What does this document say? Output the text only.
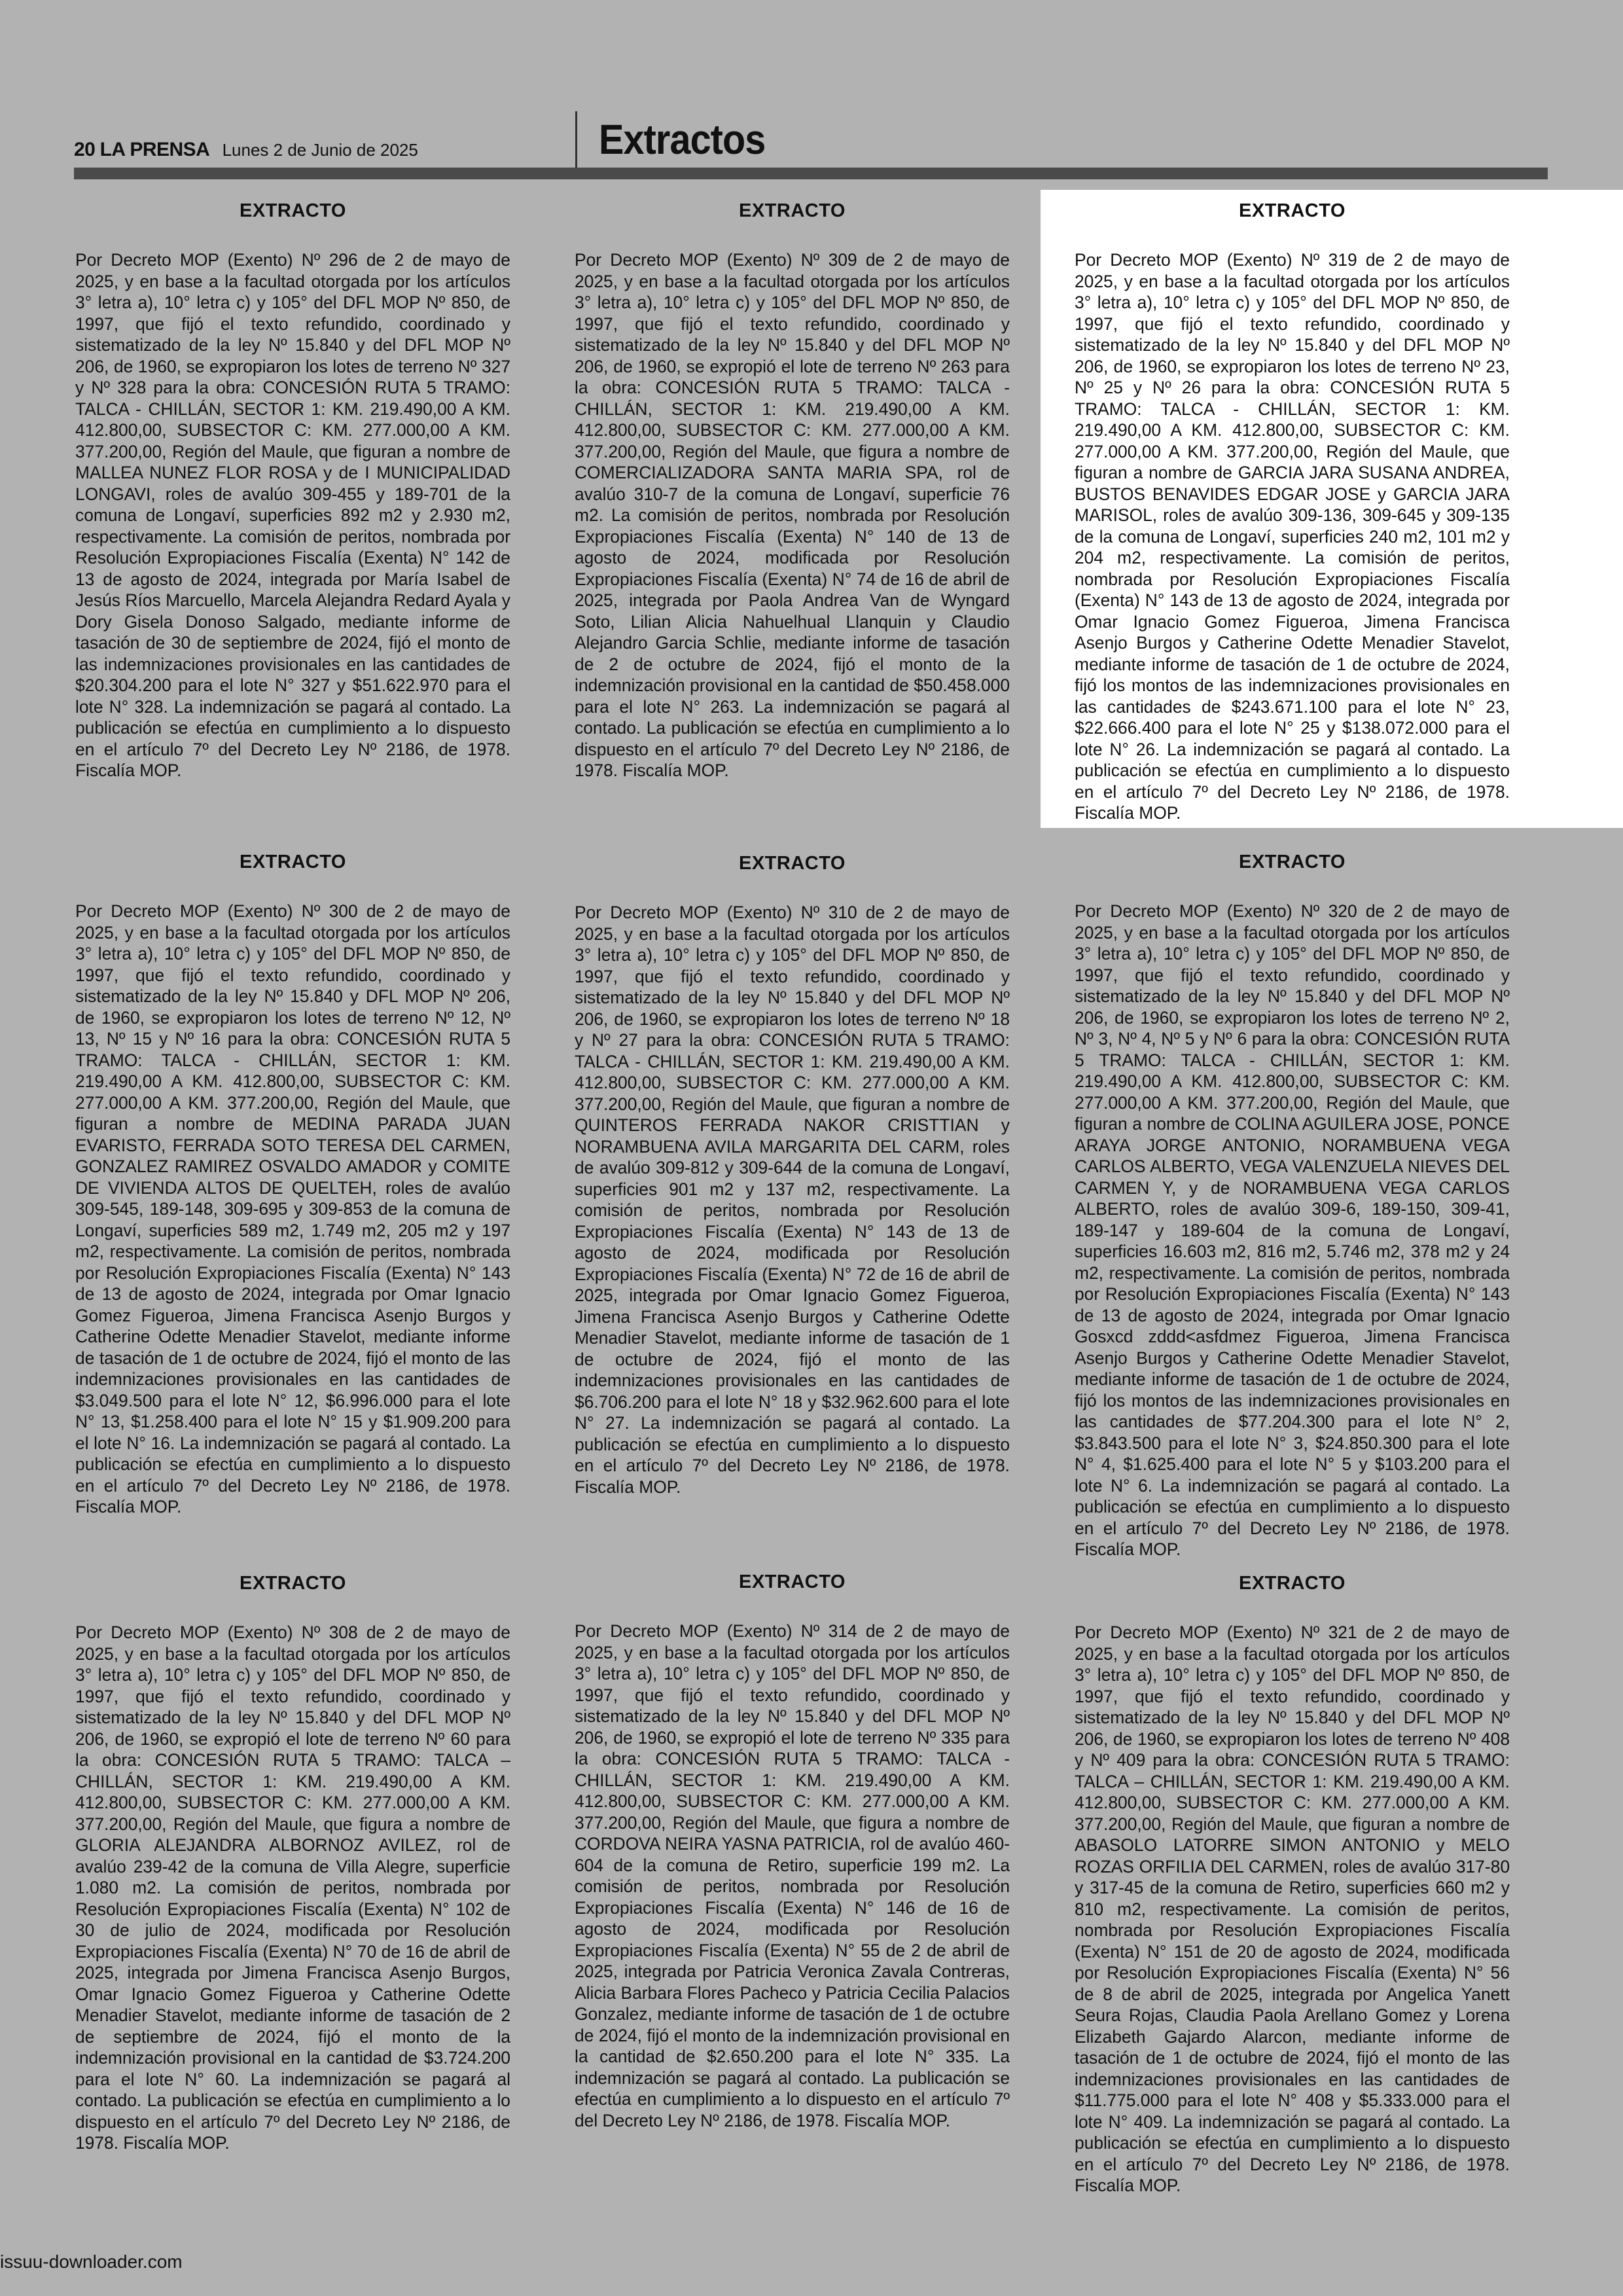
20 LA PRENSA Lunes 2 de Junio de 2025	Extractos
EXTRACTO
Por Decreto MOP (Exento) Nº 296 de 2 de mayo de 2025, y en base a la facultad otorgada por los artículos 3° letra a), 10° letra c) y 105° del DFL MOP Nº 850, de 1997, que fijó el texto refundido, coordinado y sistematizado de la ley Nº 15.840 y del DFL MOP Nº 206, de 1960, se expropiaron los lotes de terreno Nº 327 y Nº 328 para la obra: CONCESIÓN RUTA 5 TRAMO: TALCA - CHILLÁN, SECTOR 1: KM. 219.490,00 A KM. 412.800,00, SUBSECTOR C: KM. 277.000,00 A KM. 377.200,00, Región del Maule, que figuran a nombre de MALLEA NUNEZ FLOR ROSA y de I MUNICIPALIDAD LONGAVI, roles de avalúo 309-455 y 189-701 de la comuna de Longaví, superficies 892 m2 y 2.930 m2, respectivamente. La comisión de peritos, nombrada por Resolución Expropiaciones Fiscalía (Exenta) N° 142 de 13 de agosto de 2024, integrada por María Isabel de Jesús Ríos Marcuello, Marcela Alejandra Redard Ayala y Dory Gisela Donoso Salgado, mediante informe de tasación de 30 de septiembre de 2024, fijó el monto de las indemnizaciones provisionales en las cantidades de $20.304.200 para el lote N° 327 y $51.622.970 para el lote N° 328. La indemnización se pagará al contado. La publicación se efectúa en cumplimiento a lo dispuesto en el artículo 7º del Decreto Ley Nº 2186, de 1978. Fiscalía MOP.
EXTRACTO
Por Decreto MOP (Exento) Nº 309 de 2 de mayo de 2025, y en base a la facultad otorgada por los artículos 3° letra a), 10° letra c) y 105° del DFL MOP Nº 850, de 1997, que fijó el texto refundido, coordinado y sistematizado de la ley Nº 15.840 y del DFL MOP Nº 206, de 1960, se expropió el lote de terreno Nº 263 para la obra: CONCESIÓN RUTA 5 TRAMO: TALCA - CHILLÁN, SECTOR 1: KM. 219.490,00 A KM. 412.800,00, SUBSECTOR C: KM. 277.000,00 A KM. 377.200,00, Región del Maule, que figura a nombre de COMERCIALIZADORA SANTA MARIA SPA, rol de avalúo 310-7 de la comuna de Longaví, superficie 76 m2. La comisión de peritos, nombrada por Resolución Expropiaciones Fiscalía (Exenta) N° 140 de 13 de agosto de 2024, modificada por Resolución Expropiaciones Fiscalía (Exenta) N° 74 de 16 de abril de 2025, integrada por Paola Andrea Van de Wyngard Soto, Lilian Alicia Nahuelhual Llanquin y Claudio Alejandro Garcia Schlie, mediante informe de tasación de 2 de octubre de 2024, fijó el monto de la indemnización provisional en la cantidad de $50.458.000 para el lote N° 263. La indemnización se pagará al contado. La publicación se efectúa en cumplimiento a lo dispuesto en el artículo 7º del Decreto Ley Nº 2186, de 1978. Fiscalía MOP.
EXTRACTO
Por Decreto MOP (Exento) Nº 319 de 2 de mayo de 2025, y en base a la facultad otorgada por los artículos 3° letra a), 10° letra c) y 105° del DFL MOP Nº 850, de 1997, que fijó el texto refundido, coordinado y sistematizado de la ley Nº 15.840 y del DFL MOP Nº 206, de 1960, se expropiaron los lotes de terreno Nº 23, Nº 25 y Nº 26 para la obra: CONCESIÓN RUTA 5 TRAMO: TALCA - CHILLÁN, SECTOR 1: KM. 219.490,00 A KM. 412.800,00, SUBSECTOR C: KM. 277.000,00 A KM. 377.200,00, Región del Maule, que figuran a nombre de GARCIA JARA SUSANA ANDREA, BUSTOS BENAVIDES EDGAR JOSE y GARCIA JARA MARISOL, roles de avalúo 309-136, 309-645 y 309-135 de la comuna de Longaví, superficies 240 m2, 101 m2 y 204 m2, respectivamente. La comisión de peritos, nombrada por Resolución Expropiaciones Fiscalía (Exenta) N° 143 de 13 de agosto de 2024, integrada por Omar Ignacio Gomez Figueroa, Jimena Francisca Asenjo Burgos y Catherine Odette Menadier Stavelot, mediante informe de tasación de 1 de octubre de 2024, fijó los montos de las indemnizaciones provisionales en las cantidades de $243.671.100 para el lote N° 23, $22.666.400 para el lote N° 25 y $138.072.000 para el lote N° 26. La indemnización se pagará al contado. La publicación se efectúa en cumplimiento a lo dispuesto en el artículo 7º del Decreto Ley Nº 2186, de 1978. Fiscalía MOP.
EXTRACTO
Por Decreto MOP (Exento) Nº 300 de 2 de mayo de 2025, y en base a la facultad otorgada por los artículos 3° letra a), 10° letra c) y 105° del DFL MOP Nº 850, de 1997, que fijó el texto refundido, coordinado y sistematizado de la ley Nº 15.840 y DFL MOP Nº 206, de 1960, se expropiaron los lotes de terreno Nº 12, Nº 13, Nº 15 y Nº 16 para la obra: CONCESIÓN RUTA 5 TRAMO: TALCA - CHILLÁN, SECTOR 1: KM. 219.490,00 A KM. 412.800,00, SUBSECTOR C: KM. 277.000,00 A KM. 377.200,00, Región del Maule, que figuran a nombre de MEDINA PARADA JUAN EVARISTO, FERRADA SOTO TERESA DEL CARMEN, GONZALEZ RAMIREZ OSVALDO AMADOR y COMITE DE VIVIENDA ALTOS DE QUELTEH, roles de avalúo 309-545, 189-148, 309-695 y 309-853 de la comuna de Longaví, superficies 589 m2, 1.749 m2, 205 m2 y 197 m2, respectivamente. La comisión de peritos, nombrada por Resolución Expropiaciones Fiscalía (Exenta) N° 143 de 13 de agosto de 2024, integrada por Omar Ignacio Gomez Figueroa, Jimena Francisca Asenjo Burgos y Catherine Odette Menadier Stavelot, mediante informe de tasación de 1 de octubre de 2024, fijó el monto de las indemnizaciones provisionales en las cantidades de $3.049.500 para el lote N° 12, $6.996.000 para el lote N° 13, $1.258.400 para el lote N° 15 y $1.909.200 para el lote N° 16. La indemnización se pagará al contado. La publicación se efectúa en cumplimiento a lo dispuesto en el artículo 7º del Decreto Ley Nº 2186, de 1978. Fiscalía MOP.
EXTRACTO
Por Decreto MOP (Exento) Nº 310 de 2 de mayo de 2025, y en base a la facultad otorgada por los artículos 3° letra a), 10° letra c) y 105° del DFL MOP Nº 850, de 1997, que fijó el texto refundido, coordinado y sistematizado de la ley Nº 15.840 y del DFL MOP Nº 206, de 1960, se expropiaron los lotes de terreno Nº 18 y Nº 27 para la obra: CONCESIÓN RUTA 5 TRAMO: TALCA - CHILLÁN, SECTOR 1: KM. 219.490,00 A KM. 412.800,00, SUBSECTOR C: KM. 277.000,00 A KM. 377.200,00, Región del Maule, que figuran a nombre de QUINTEROS FERRADA NAKOR CRISTTIAN y NORAMBUENA AVILA MARGARITA DEL CARM, roles de avalúo 309-812 y 309-644 de la comuna de Longaví, superficies 901 m2 y 137 m2, respectivamente. La comisión de peritos, nombrada por Resolución Expropiaciones Fiscalía (Exenta) N° 143 de 13 de agosto de 2024, modificada por Resolución Expropiaciones Fiscalía (Exenta) N° 72 de 16 de abril de 2025, integrada por Omar Ignacio Gomez Figueroa, Jimena Francisca Asenjo Burgos y Catherine Odette Menadier Stavelot, mediante informe de tasación de 1 de octubre de 2024, fijó el monto de las indemnizaciones provisionales en las cantidades de $6.706.200 para el lote N° 18 y $32.962.600 para el lote N° 27. La indemnización se pagará al contado. La publicación se efectúa en cumplimiento a lo dispuesto en el artículo 7º del Decreto Ley Nº 2186, de 1978. Fiscalía MOP.
EXTRACTO
Por Decreto MOP (Exento) Nº 320 de 2 de mayo de 2025, y en base a la facultad otorgada por los artículos 3° letra a), 10° letra c) y 105° del DFL MOP Nº 850, de 1997, que fijó el texto refundido, coordinado y sistematizado de la ley Nº 15.840 y del DFL MOP Nº 206, de 1960, se expropiaron los lotes de terreno Nº 2, Nº 3, Nº 4, Nº 5 y Nº 6 para la obra: CONCESIÓN RUTA 5 TRAMO: TALCA - CHILLÁN, SECTOR 1: KM. 219.490,00 A KM. 412.800,00, SUBSECTOR C: KM. 277.000,00 A KM. 377.200,00, Región del Maule, que figuran a nombre de COLINA AGUILERA JOSE, PONCE ARAYA JORGE ANTONIO, NORAMBUENA VEGA CARLOS ALBERTO, VEGA VALENZUELA NIEVES DEL CARMEN Y, y de NORAMBUENA VEGA CARLOS ALBERTO, roles de avalúo 309-6, 189-150, 309-41, 189-147 y 189-604 de la comuna de Longaví, superficies 16.603 m2, 816 m2, 5.746 m2, 378 m2 y 24 m2, respectivamente. La comisión de peritos, nombrada por Resolución Expropiaciones Fiscalía (Exenta) N° 143 de 13 de agosto de 2024, integrada por Omar Ignacio Gosxcd zddd<asfdmez Figueroa, Jimena Francisca Asenjo Burgos y Catherine Odette Menadier Stavelot, mediante informe de tasación de 1 de octubre de 2024, fijó los montos de las indemnizaciones provisionales en las cantidades de $77.204.300 para el lote N° 2, $3.843.500 para el lote N° 3, $24.850.300 para el lote N° 4, $1.625.400 para el lote N° 5 y $103.200 para el lote N° 6. La indemnización se pagará al contado. La publicación se efectúa en cumplimiento a lo dispuesto en el artículo 7º del Decreto Ley Nº 2186, de 1978. Fiscalía MOP.
EXTRACTO
Por Decreto MOP (Exento) Nº 308 de 2 de mayo de 2025, y en base a la facultad otorgada por los artículos 3° letra a), 10° letra c) y 105° del DFL MOP Nº 850, de 1997, que fijó el texto refundido, coordinado y sistematizado de la ley Nº 15.840 y del DFL MOP Nº 206, de 1960, se expropió el lote de terreno Nº 60 para la obra: CONCESIÓN RUTA 5 TRAMO: TALCA – CHILLÁN, SECTOR 1: KM. 219.490,00 A KM. 412.800,00, SUBSECTOR C: KM. 277.000,00 A KM. 377.200,00, Región del Maule, que figura a nombre de GLORIA ALEJANDRA ALBORNOZ AVILEZ, rol de avalúo 239-42 de la comuna de Villa Alegre, superficie 1.080 m2. La comisión de peritos, nombrada por Resolución Expropiaciones Fiscalía (Exenta) N° 102 de 30 de julio de 2024, modificada por Resolución Expropiaciones Fiscalía (Exenta) N° 70 de 16 de abril de 2025, integrada por Jimena Francisca Asenjo Burgos, Omar Ignacio Gomez Figueroa y Catherine Odette Menadier Stavelot, mediante informe de tasación de 2 de septiembre de 2024, fijó el monto de la indemnización provisional en la cantidad de $3.724.200 para el lote N° 60. La indemnización se pagará al contado. La publicación se efectúa en cumplimiento a lo dispuesto en el artículo 7º del Decreto Ley Nº 2186, de 1978. Fiscalía MOP.
EXTRACTO
Por Decreto MOP (Exento) Nº 314 de 2 de mayo de 2025, y en base a la facultad otorgada por los artículos 3° letra a), 10° letra c) y 105° del DFL MOP Nº 850, de 1997, que fijó el texto refundido, coordinado y sistematizado de la ley Nº 15.840 y del DFL MOP Nº 206, de 1960, se expropió el lote de terreno Nº 335 para la obra: CONCESIÓN RUTA 5 TRAMO: TALCA - CHILLÁN, SECTOR 1: KM. 219.490,00 A KM. 412.800,00, SUBSECTOR C: KM. 277.000,00 A KM. 377.200,00, Región del Maule, que figura a nombre de CORDOVA NEIRA YASNA PATRICIA, rol de avalúo 460-604 de la comuna de Retiro, superficie 199 m2. La comisión de peritos, nombrada por Resolución Expropiaciones Fiscalía (Exenta) N° 146 de 16 de agosto de 2024, modificada por Resolución Expropiaciones Fiscalía (Exenta) N° 55 de 2 de abril de 2025, integrada por Patricia Veronica Zavala Contreras, Alicia Barbara Flores Pacheco y Patricia Cecilia Palacios Gonzalez, mediante informe de tasación de 1 de octubre de 2024, fijó el monto de la indemnización provisional en la cantidad de $2.650.200 para el lote N° 335. La indemnización se pagará al contado. La publicación se efectúa en cumplimiento a lo dispuesto en el artículo 7º del Decreto Ley Nº 2186, de 1978. Fiscalía MOP.
EXTRACTO
Por Decreto MOP (Exento) Nº 321 de 2 de mayo de 2025, y en base a la facultad otorgada por los artículos 3° letra a), 10° letra c) y 105° del DFL MOP Nº 850, de 1997, que fijó el texto refundido, coordinado y sistematizado de la ley Nº 15.840 y del DFL MOP Nº 206, de 1960, se expropiaron los lotes de terreno Nº 408 y Nº 409 para la obra: CONCESIÓN RUTA 5 TRAMO: TALCA – CHILLÁN, SECTOR 1: KM. 219.490,00 A KM. 412.800,00, SUBSECTOR C: KM. 277.000,00 A KM. 377.200,00, Región del Maule, que figuran a nombre de ABASOLO LATORRE SIMON ANTONIO y MELO ROZAS ORFILIA DEL CARMEN, roles de avalúo 317-80 y 317-45 de la comuna de Retiro, superficies 660 m2 y 810 m2, respectivamente. La comisión de peritos, nombrada por Resolución Expropiaciones Fiscalía (Exenta) N° 151 de 20 de agosto de 2024, modificada por Resolución Expropiaciones Fiscalía (Exenta) N° 56 de 8 de abril de 2025, integrada por Angelica Yanett Seura Rojas, Claudia Paola Arellano Gomez y Lorena Elizabeth Gajardo Alarcon, mediante informe de tasación de 1 de octubre de 2024, fijó el monto de las indemnizaciones provisionales en las cantidades de $11.775.000 para el lote N° 408 y $5.333.000 para el lote N° 409. La indemnización se pagará al contado. La publicación se efectúa en cumplimiento a lo dispuesto en el artículo 7º del Decreto Ley Nº 2186, de 1978. Fiscalía MOP.
issuu-downloader.com
